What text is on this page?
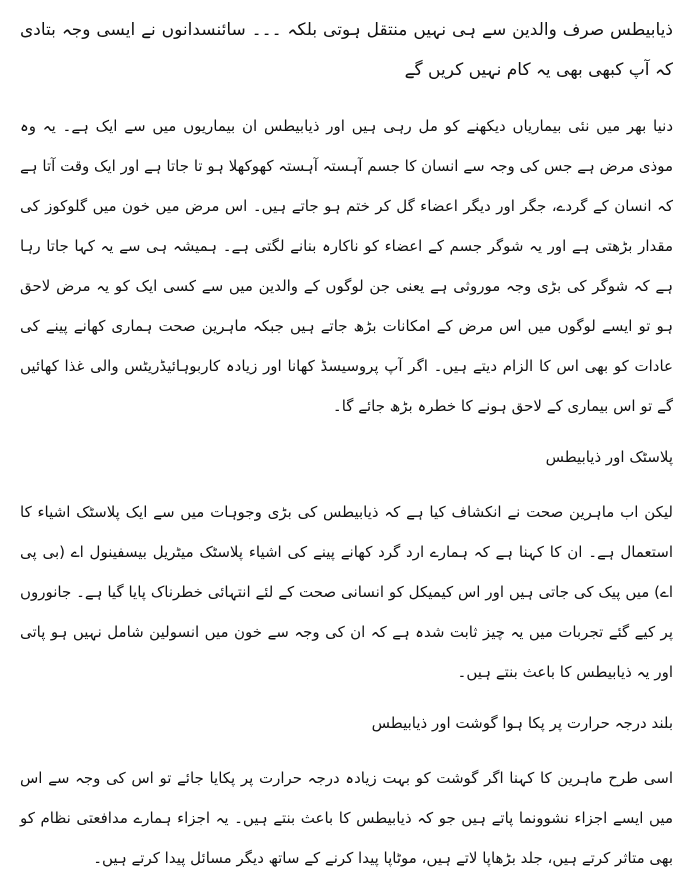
ذیابیطس صرف والدین سے ہی نہیں منتقل ہوتی بلکہ ۔۔۔ سائنسدانوں نے ایسی وجہ بتادی کہ آپ کبھی بھی یہ کام نہیں کریں گے

دنیا بھر میں نئی بیماریاں دیکھنے کو مل رہی ہیں اور ذیابیطس ان بیماریوں میں سے ایک ہے۔ یہ وہ موذی مرض ہے جس کی وجہ سے انسان کا جسم آہستہ آہستہ کھوکھلا ہو تا جاتا ہے اور ایک وقت آتا ہے کہ انسان کے گردے، جگر اور دیگر اعضاء گل کر ختم ہو جاتے ہیں۔ اس مرض میں خون میں گلوکوز کی مقدار بڑھتی ہے اور یہ شوگر جسم کے اعضاء کو ناکارہ بنانے لگتی ہے۔ ہمیشہ ہی سے یہ کہا جاتا رہا ہے کہ شوگر کی بڑی وجہ موروثی ہے یعنی جن لوگوں کے والدین میں سے کسی ایک کو یہ مرض لاحق ہو تو ایسے لوگوں میں اس مرض کے امکانات بڑھ جاتے ہیں جبکہ ماہرین صحت ہماری کھانے پینے کی عادات کو بھی اس کا الزام دیتے ہیں۔ اگر آپ پروسیسڈ کھانا اور زیادہ کاربوہائیڈریٹس والی غذا کھائیں گے تو اس بیماری کے لاحق ہونے کا خطرہ بڑھ جائے گا۔

پلاسٹک اور ذیابیطس

لیکن اب ماہرین صحت نے انکشاف کیا ہے کہ ذیابیطس کی بڑی وجوہات میں سے ایک پلاسٹک اشیاء کا استعمال ہے۔ ان کا کہنا ہے کہ ہمارے ارد گرد کھانے پینے کی اشیاء پلاسٹک میٹریل بیسفینول اے (بی پی اے) میں پیک کی جاتی ہیں اور اس کیمیکل کو انسانی صحت کے لئے انتہائی خطرناک پایا گیا ہے۔ جانوروں پر کیے گئے تجربات میں یہ چیز ثابت شدہ ہے کہ ان کی وجہ سے خون میں انسولین شامل نہیں ہو پاتی اور یہ ذیابیطس کا باعث بنتے ہیں۔

بلند درجہ حرارت پر پکا ہوا گوشت اور ذیابیطس

اسی طرح ماہرین کا کہنا اگر گوشت کو بہت زیادہ درجہ حرارت پر پکایا جائے تو اس کی وجہ سے اس میں ایسے اجزاء نشوونما پاتے ہیں جو کہ ذیابیطس کا باعث بنتے ہیں۔ یہ اجزاء ہمارے مدافعتی نظام کو بھی متاثر کرتے ہیں، جلد بڑھاپا لاتے ہیں، موٹاپا پیدا کرنے کے ساتھ دیگر مسائل پیدا کرتے ہیں۔
